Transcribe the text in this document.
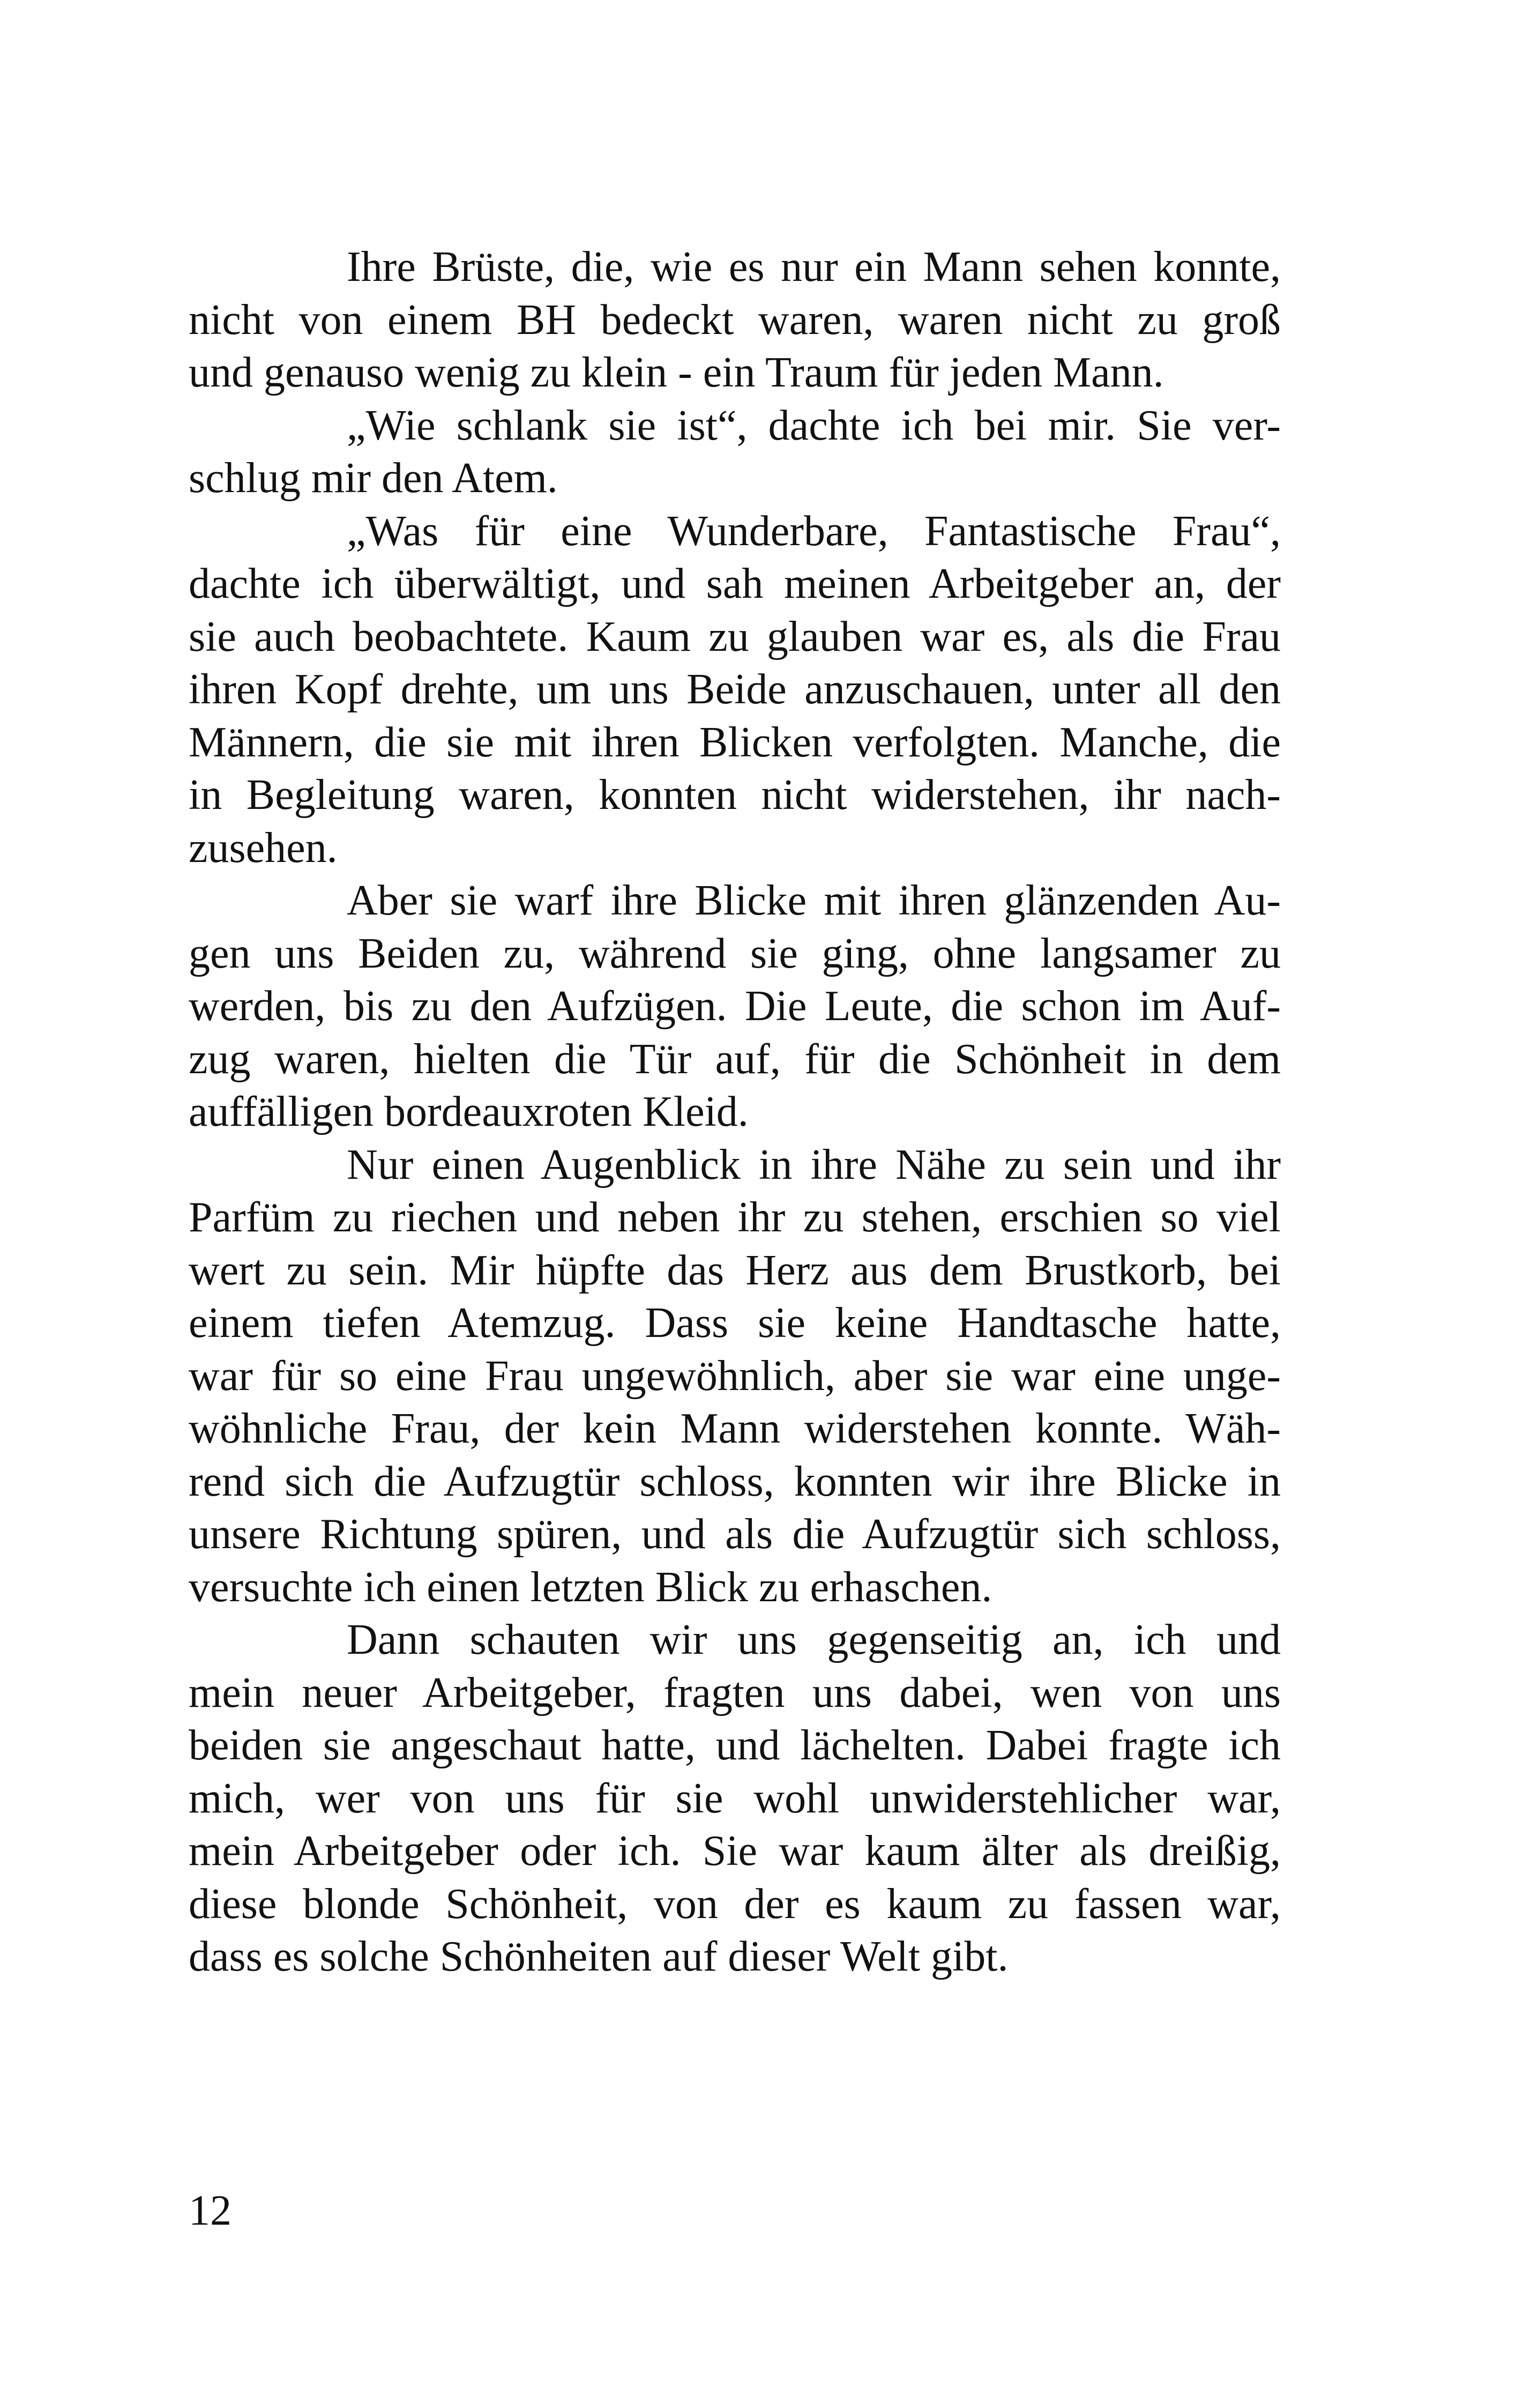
Ihre Brüste, die, wie es nur ein Mann sehen konnte,
nicht von einem BH bedeckt waren, waren nicht zu groß
und genauso wenig zu klein - ein Traum für jeden Mann.
„Wie schlank sie ist“, dachte ich bei mir. Sie ver-
schlug mir den Atem.
„Was für eine Wunderbare, Fantastische Frau“,
dachte ich überwältigt, und sah meinen Arbeitgeber an, der
sie auch beobachtete. Kaum zu glauben war es, als die Frau
ihren Kopf drehte, um uns Beide anzuschauen, unter all den
Männern, die sie mit ihren Blicken verfolgten. Manche, die
in Begleitung waren, konnten nicht widerstehen, ihr nach-
zusehen.
Aber sie warf ihre Blicke mit ihren glänzenden Au-
gen uns Beiden zu, während sie ging, ohne langsamer zu
werden, bis zu den Aufzügen. Die Leute, die schon im Auf-
zug waren, hielten die Tür auf, für die Schönheit in dem
auffälligen bordeauxroten Kleid.
Nur einen Augenblick in ihre Nähe zu sein und ihr
Parfüm zu riechen und neben ihr zu stehen, erschien so viel
wert zu sein. Mir hüpfte das Herz aus dem Brustkorb, bei
einem tiefen Atemzug. Dass sie keine Handtasche hatte,
war für so eine Frau ungewöhnlich, aber sie war eine unge-
wöhnliche Frau, der kein Mann widerstehen konnte. Wäh-
rend sich die Aufzugtür schloss, konnten wir ihre Blicke in
unsere Richtung spüren, und als die Aufzugtür sich schloss,
versuchte ich einen letzten Blick zu erhaschen.
Dann schauten wir uns gegenseitig an, ich und
mein neuer Arbeitgeber, fragten uns dabei, wen von uns
beiden sie angeschaut hatte, und lächelten. Dabei fragte ich
mich, wer von uns für sie wohl unwiderstehlicher war,
mein Arbeitgeber oder ich. Sie war kaum älter als dreißig,
diese blonde Schönheit, von der es kaum zu fassen war,
dass es solche Schönheiten auf dieser Welt gibt.
12
